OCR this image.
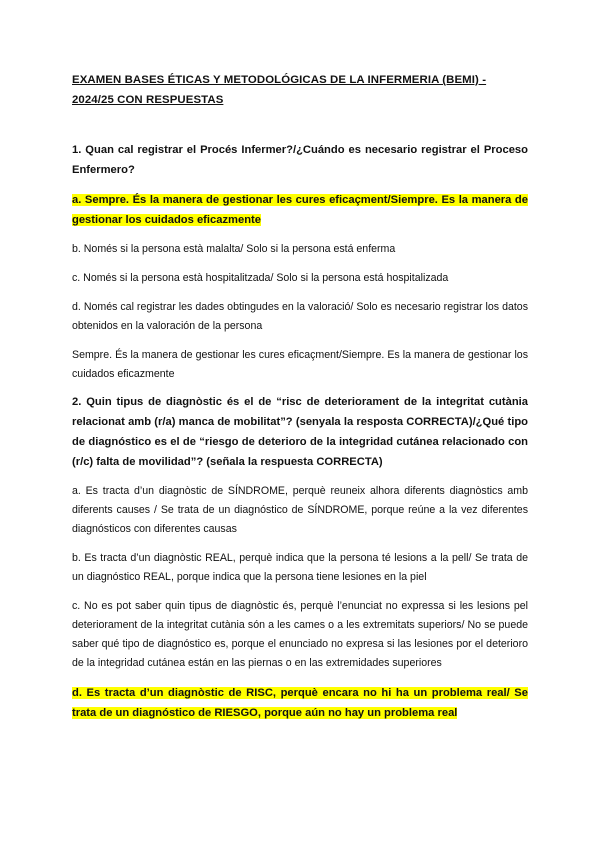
EXAMEN BASES ÉTICAS Y METODOLÓGICAS DE LA INFERMERIA (BEMI) - 2024/25 CON RESPUESTAS

1. Quan cal registrar el Procés Infermer?/¿Cuándo es necesario registrar el Proceso Enfermero?

a. Sempre. És la manera de gestionar les cures eficaçment/Siempre. Es la manera de gestionar los cuidados eficazmente

b. Només si la persona està malalta/ Solo si la persona está enferma

c. Només si la persona està hospitalitzada/ Solo si la persona está hospitalizada

d. Només cal registrar les dades obtingudes en la valoració/ Solo es necesario registrar los datos obtenidos en la valoración de la persona

Sempre. És la manera de gestionar les cures eficaçment/Siempre. Es la manera de gestionar los cuidados eficazmente

2. Quin tipus de diagnòstic és el de “risc de deteriorament de la integritat cutània relacionat amb (r/a) manca de mobilitat”? (senyala la resposta CORRECTA)/¿Qué tipo de diagnóstico es el de “riesgo de deterioro de la integridad cutánea relacionado con (r/c) falta de movilidad”? (señala la respuesta CORRECTA)

a. Es tracta d’un diagnòstic de SÍNDROME, perquè reuneix alhora diferents diagnòstics amb diferents causes / Se trata de un diagnóstico de SÍNDROME, porque reúne a la vez diferentes diagnósticos con diferentes causas

b. Es tracta d’un diagnòstic REAL, perquè indica que la persona té lesions a la pell/ Se trata de un diagnóstico REAL, porque indica que la persona tiene lesiones en la piel

c. No es pot saber quin tipus de diagnòstic és, perquè l’enunciat no expressa si les lesions pel deteriorament de la integritat cutània són a les cames o a les extremitats superiors/ No se puede saber qué tipo de diagnóstico es, porque el enunciado no expresa si las lesiones por el deterioro de la integridad cutánea están en las piernas o en las extremidades superiores

d. Es tracta d’un diagnòstic de RISC, perquè encara no hi ha un problema real/ Se trata de un diagnóstico de RIESGO, porque aún no hay un problema real
